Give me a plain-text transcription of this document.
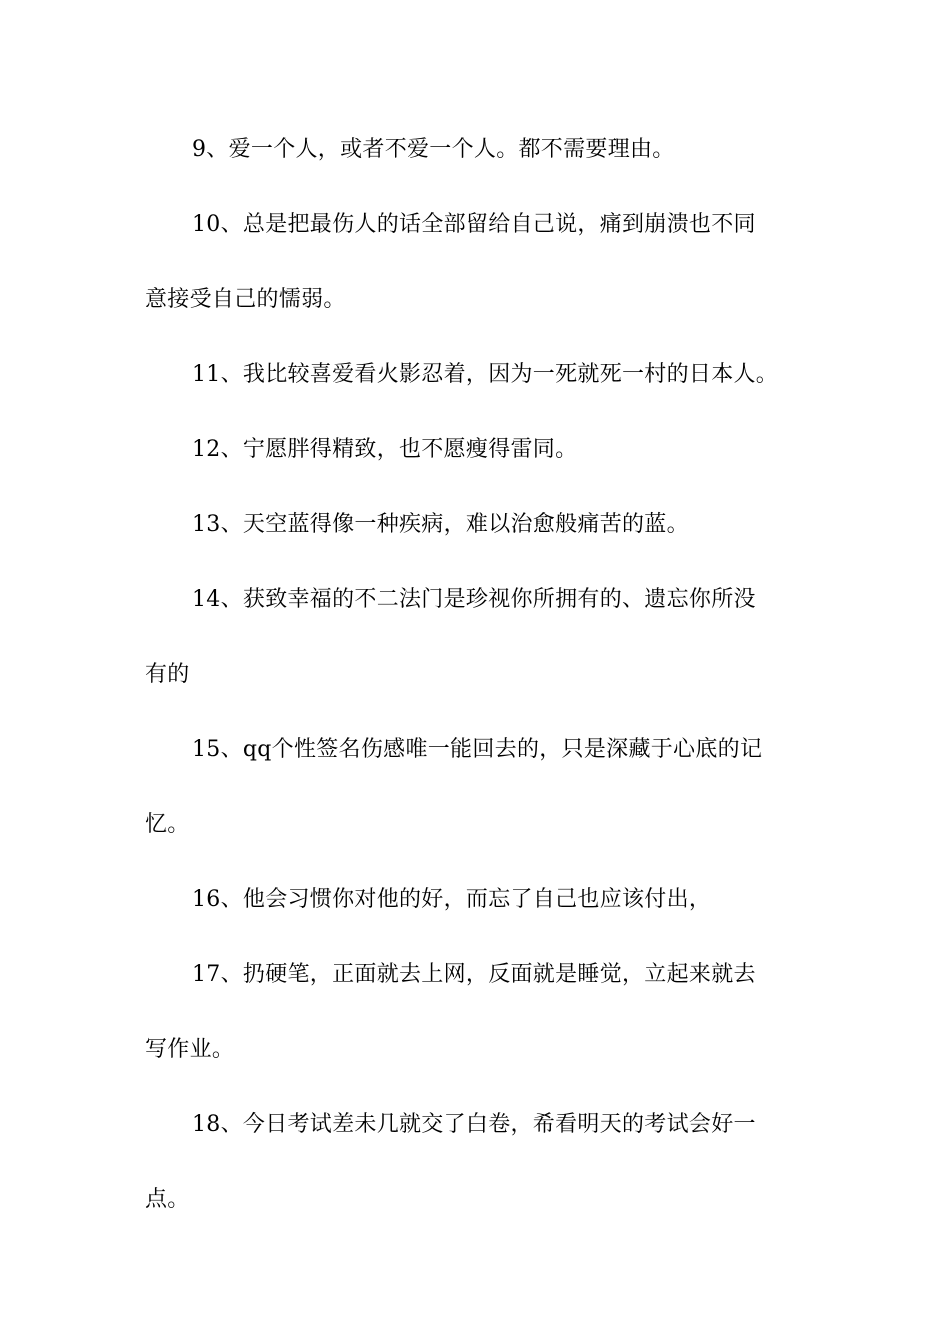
9、爱一个人，或者不爱一个人。都不需要理由。

10、总是把最伤人的话全部留给自己说，痛到崩溃也不同

意接受自己的懦弱。

11、我比较喜爱看火影忍着，因为一死就死一村的日本人。

12、宁愿胖得精致，也不愿瘦得雷同。

13、天空蓝得像一种疾病，难以治愈般痛苦的蓝。

14、获致幸福的不二法门是珍视你所拥有的、遗忘你所没

有的

15、qq个性签名伤感唯一能回去的，只是深藏于心底的记

忆。

16、他会习惯你对他的好，而忘了自己也应该付出，

17、扔硬笔，正面就去上网，反面就是睡觉，立起来就去

写作业。

18、今日考试差未几就交了白卷，希看明天的考试会好一

点。
